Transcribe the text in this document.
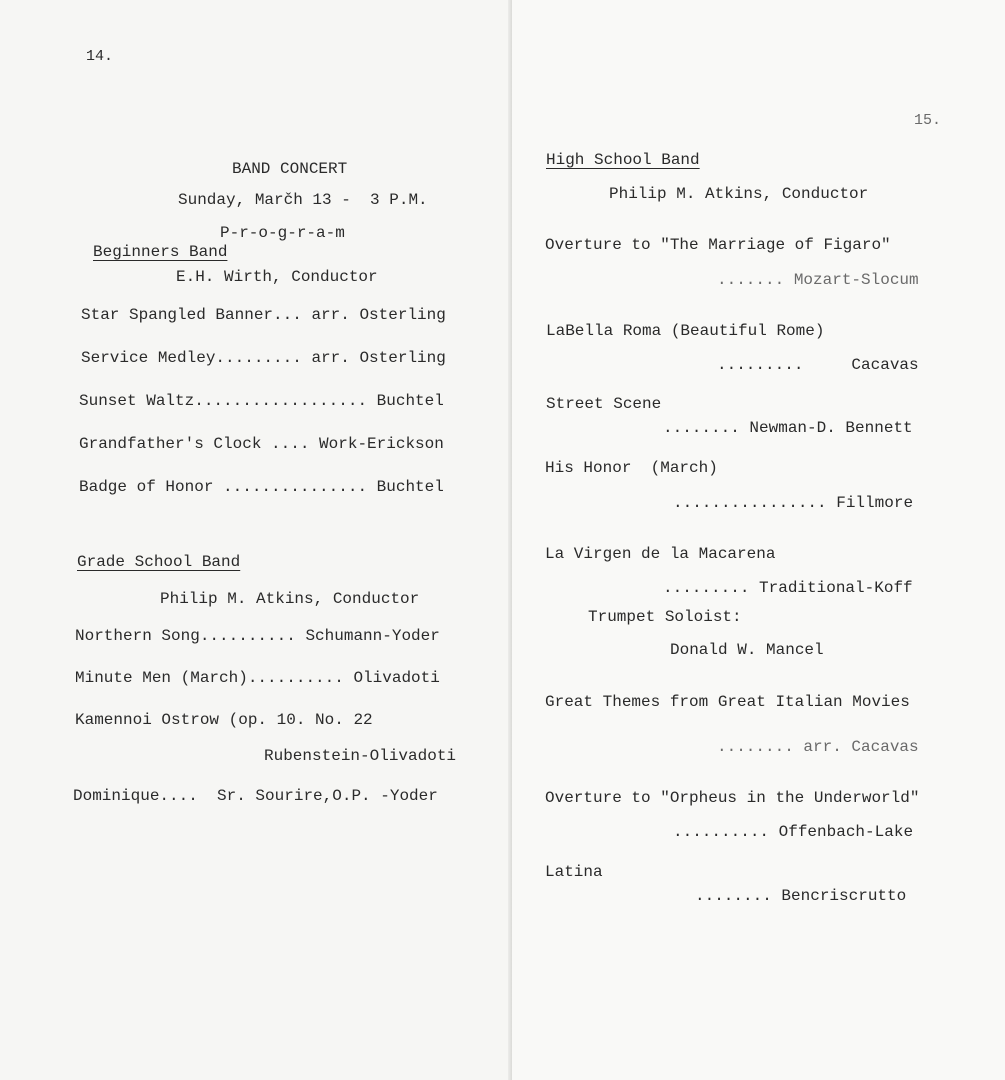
14.
BAND CONCERT
Sunday, Marčh 13 -  3 P.M.
P-r-o-g-r-a-m
Beginners Band
E.H. Wirth, Conductor
Star Spangled Banner... arr. Osterling
Service Medley......... arr. Osterling
Sunset Waltz.................. Buchtel
Grandfather's Clock .... Work-Erickson
Badge of Honor ............... Buchtel
Grade School Band
Philip M. Atkins, Conductor
Northern Song.......... Schumann-Yoder
Minute Men (March).......... Olivadoti
Kamennoi Ostrow (op. 10. No. 22
Rubenstein-Olivadoti
Dominique....  Sr. Sourire,O.P. -Yoder
15.
High School Band
Philip M. Atkins, Conductor
Overture to "The Marriage of Figaro"
....... Mozart-Slocum
LaBella Roma (Beautiful Rome)
.........     Cacavas
Street Scene
........ Newman-D. Bennett
His Honor  (March)
................ Fillmore
La Virgen de la Macarena
......... Traditional-Koff
Trumpet Soloist:
Donald W. Mancel
Great Themes from Great Italian Movies
........ arr. Cacavas
Overture to "Orpheus in the Underworld"
.......... Offenbach-Lake
Latina
........ Bencriscrutto
